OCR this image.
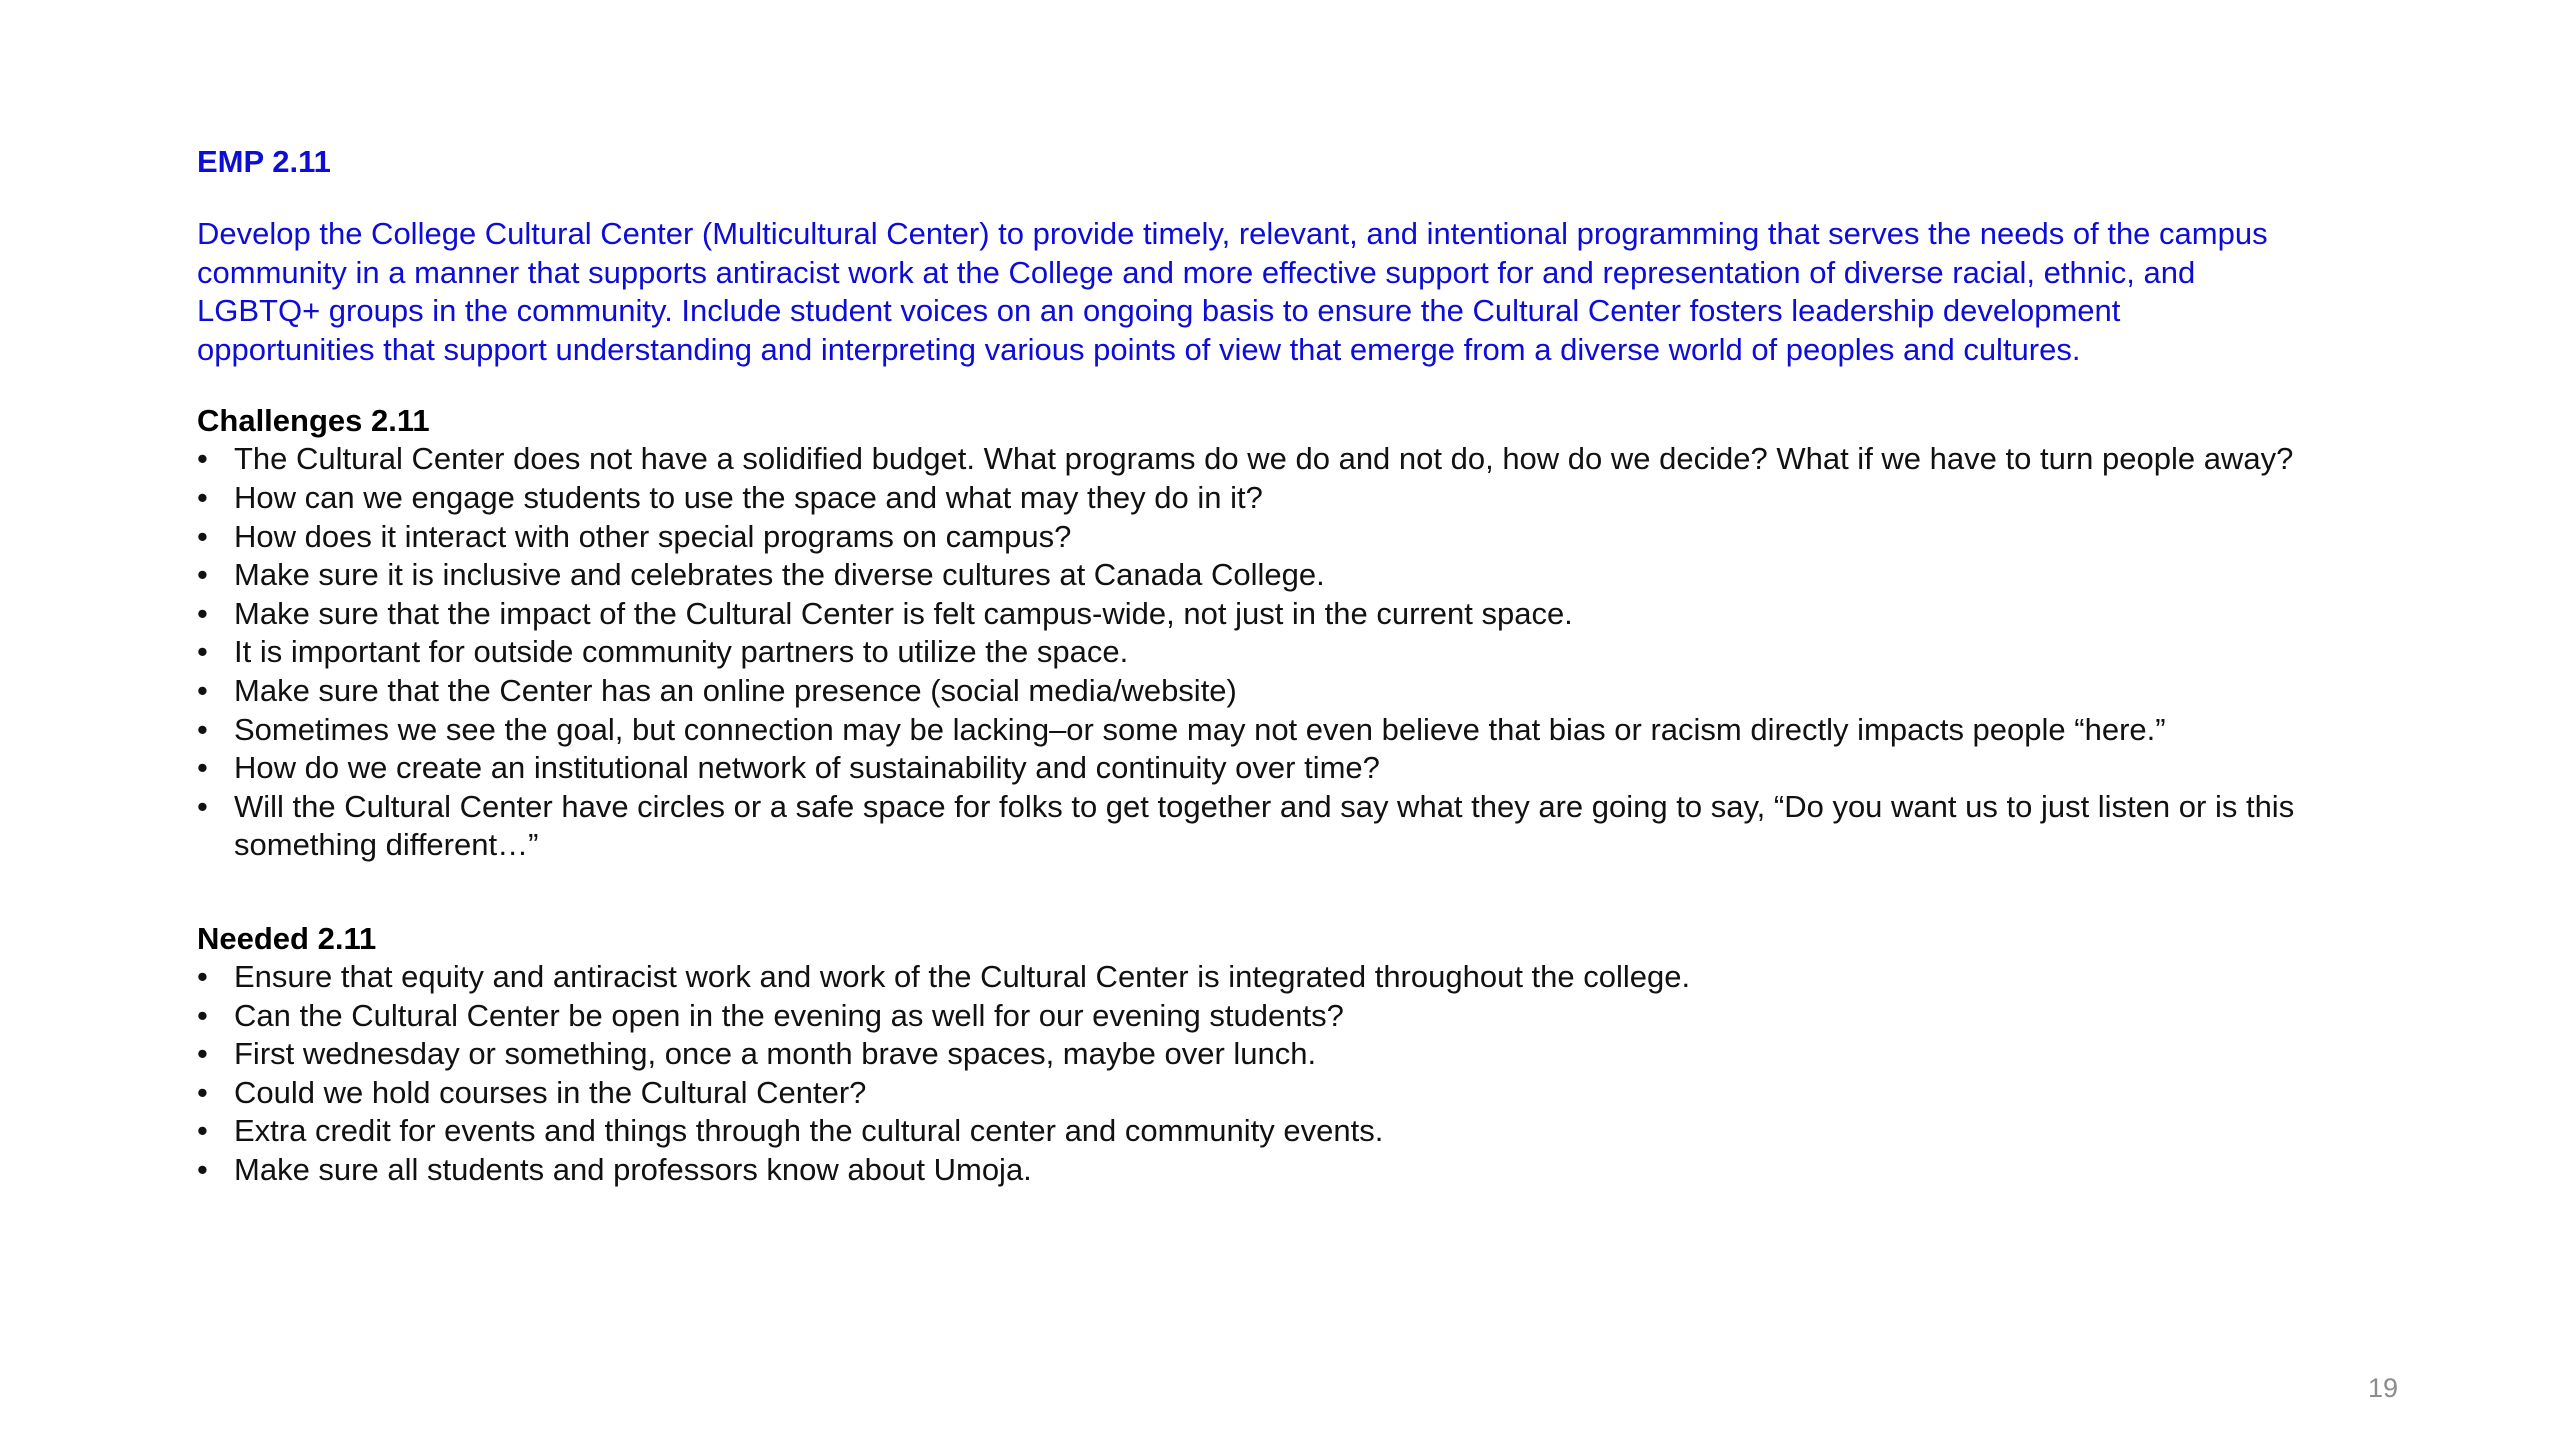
EMP 2.11

Develop the College Cultural Center (Multicultural Center) to provide timely, relevant, and intentional programming that serves the needs of the campus community in a manner that supports antiracist work at the College and more effective support for and representation of diverse racial, ethnic, and LGBTQ+ groups in the community. Include student voices on an ongoing basis to ensure the Cultural Center fosters leadership development opportunities that support understanding and interpreting various points of view that emerge from a diverse world of peoples and cultures.

Challenges 2.11

• The Cultural Center does not have a solidified budget. What programs do we do and not do, how do we decide? What if we have to turn people away?
• How can we engage students to use the space and what may they do in it?
• How does it interact with other special programs on campus?
• Make sure it is inclusive and celebrates the diverse cultures at Canada College.
• Make sure that the impact of the Cultural Center is felt campus-wide, not just in the current space.
• It is important for outside community partners to utilize the space.
• Make sure that the Center has an online presence (social media/website)
• Sometimes we see the goal, but connection may be lacking–or some may not even believe that bias or racism directly impacts people “here.”
• How do we create an institutional network of sustainability and continuity over time?
• Will the Cultural Center have circles or a safe space for folks to get together and say what they are going to say, “Do you want us to just listen or is this something different…”

Needed 2.11

• Ensure that equity and antiracist work and work of the Cultural Center is integrated throughout the college.
• Can the Cultural Center be open in the evening as well for our evening students?
• First wednesday or something, once a month brave spaces, maybe over lunch.
• Could we hold courses in the Cultural Center?
• Extra credit for events and things through the cultural center and community events.
• Make sure all students and professors know about Umoja.
19
